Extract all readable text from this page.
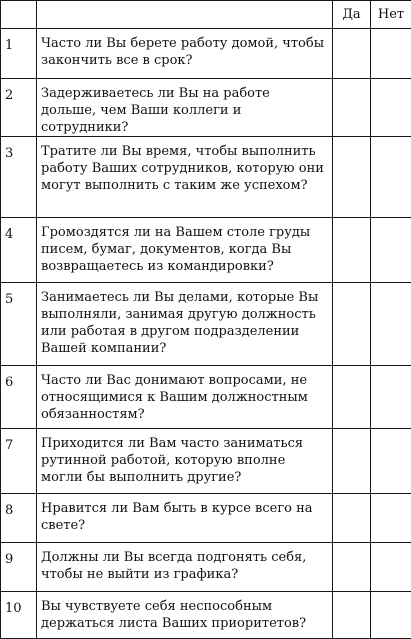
		Да	Нет
1	Часто ли Вы берете работу домой, чтобы закончить все в срок?		
2	Задерживаетесь ли Вы на работе дольше, чем Ваши коллеги и сотрудники?		
3	Тратите ли Вы время, чтобы выполнить работу Ваших сотрудников, которую они могут выполнить с таким же успехом?		
4	Громоздятся ли на Вашем столе груды писем, бумаг, документов, когда Вы возвращаетесь из командировки?		
5	Занимаетесь ли Вы делами, которые Вы выполняли, занимая другую должность или работая в другом подразделении Вашей компании?		
6	Часто ли Вас донимают вопросами, не относящимися к Вашим должностным обязанностям?		
7	Приходится ли Вам часто заниматься рутинной работой, которую вполне могли бы выполнить другие?		
8	Нравится ли Вам быть в курсе всего на свете?		
9	Должны ли Вы всегда подгонять себя, чтобы не выйти из графика?		
10	Вы чувствуете себя неспособным держаться листа Ваших приоритетов?		
